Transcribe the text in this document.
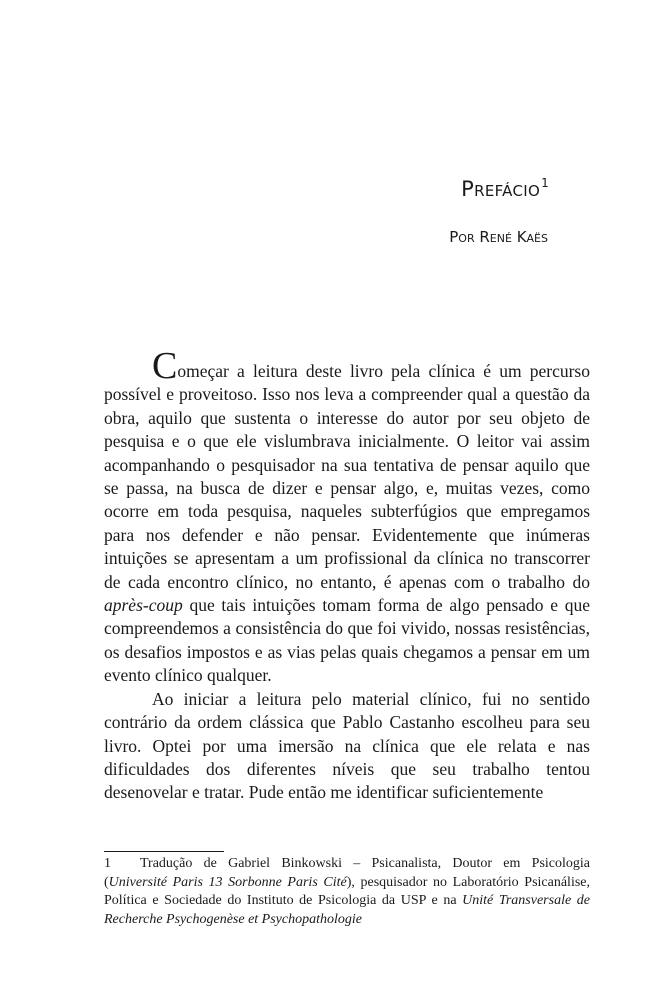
Prefácio$^1$
Por René Kaës

Começar a leitura deste livro pela clínica é um percurso possível e proveitoso. Isso nos leva a compreender qual a questão da obra, aquilo que sustenta o interesse do autor por seu objeto de pesquisa e o que ele vislumbrava inicialmente. O leitor vai assim acompanhando o pesquisador na sua tentativa de pensar aquilo que se passa, na busca de dizer e pensar algo, e, muitas vezes, como ocorre em toda pesquisa, naqueles subterfúgios que empregamos para nos defender e não pensar. Evidentemente que inúmeras intuições se apresentam a um profissional da clínica no transcorrer de cada encontro clínico, no entanto, é apenas com o trabalho do après-coup que tais intuições tomam forma de algo pensado e que compreendemos a consistência do que foi vivido, nossas resistências, os desafios impostos e as vias pelas quais chegamos a pensar em um evento clínico qualquer.

Ao iniciar a leitura pelo material clínico, fui no sentido contrário da ordem clássica que Pablo Castanho escolheu para seu livro. Optei por uma imersão na clínica que ele relata e nas dificuldades dos diferentes níveis que seu trabalho tentou desenovelar e tratar. Pude então me identificar suficientemente

1 Tradução de Gabriel Binkowski – Psicanalista, Doutor em Psicologia (Université Paris 13 Sorbonne Paris Cité), pesquisador no Laboratório Psicanálise, Política e Sociedade do Instituto de Psicologia da USP e na Unité Transversale de Recherche Psychogenèse et Psychopathologie
